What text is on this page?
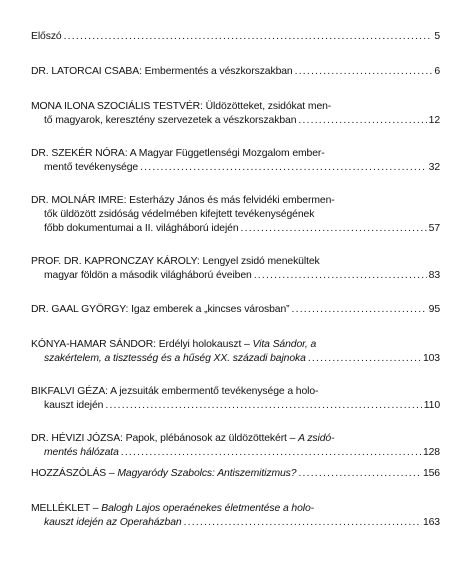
Előszó .....	5
DR. LATORCAI CSABA: Embermentés a vészkorszakban .....	6
MONA ILONA SZOCIÁLIS TESTVÉR: Üldözötteket, zsidókat men-
tő magyarok, keresztény szervezetek a vészkorszakban .....	12
DR. SZEKÉR NÓRA: A Magyar Függetlenségi Mozgalom ember-
mentő tevékenysége .....	32
DR. MOLNÁR IMRE: Esterházy János és más felvidéki embermen-
tők üldözött zsidóság védelmében kifejtett tevékenységének
főbb dokumentumai a II. világháború idején .....	57
PROF. DR. KAPRONCZAY KÁROLY: Lengyel zsidó menekültek
magyar földön a második világháború éveiben .....	83
DR. GAAL GYÖRGY: Igaz emberek a „kincses városban” .....	95
KÓNYA-HAMAR SÁNDOR: Erdélyi holokauszt – Vita Sándor, a
szakértelem, a tisztesség és a hűség XX. századi bajnoka .....	103
BIKFALVI GÉZA: A jezsuiták embermentő tevékenysége a holo-
kauszt idején .....	110
DR. HÉVIZI JÓZSA: Papok, plébánosok az üldözöttekért – A zsidó-
mentés hálózata .....	128
HOZZÁSZÓLÁS – Magyaródy Szabolcs: Antiszemitizmus? .....	156
MELLÉKLET – Balogh Lajos operaénekes életmentése a holo-
kauszt idején az Operaházban .....	163
